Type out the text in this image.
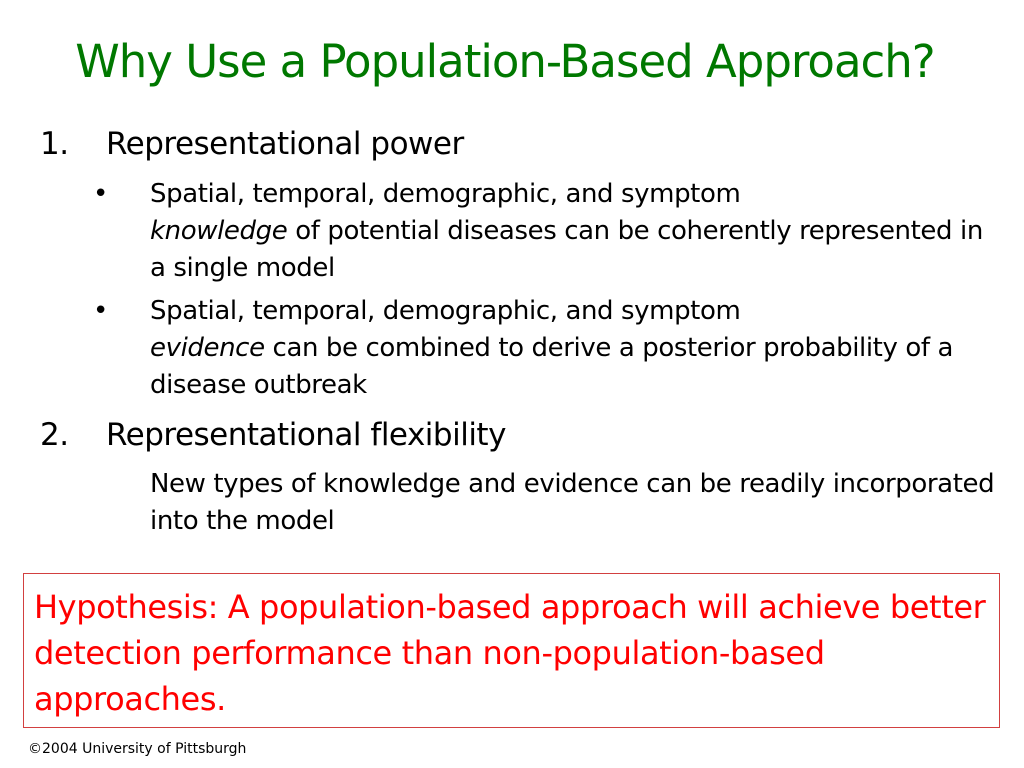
Why Use a Population-Based Approach?
1. Representational power
• Spatial, temporal, demographic, and symptom
knowledge of potential diseases can be coherently represented in a single model
• Spatial, temporal, demographic, and symptom
evidence can be combined to derive a posterior probability of a disease outbreak
2. Representational flexibility
New types of knowledge and evidence can be readily incorporated into the model
Hypothesis: A population-based approach will achieve better detection performance than non-population-based approaches.
©2004 University of Pittsburgh
